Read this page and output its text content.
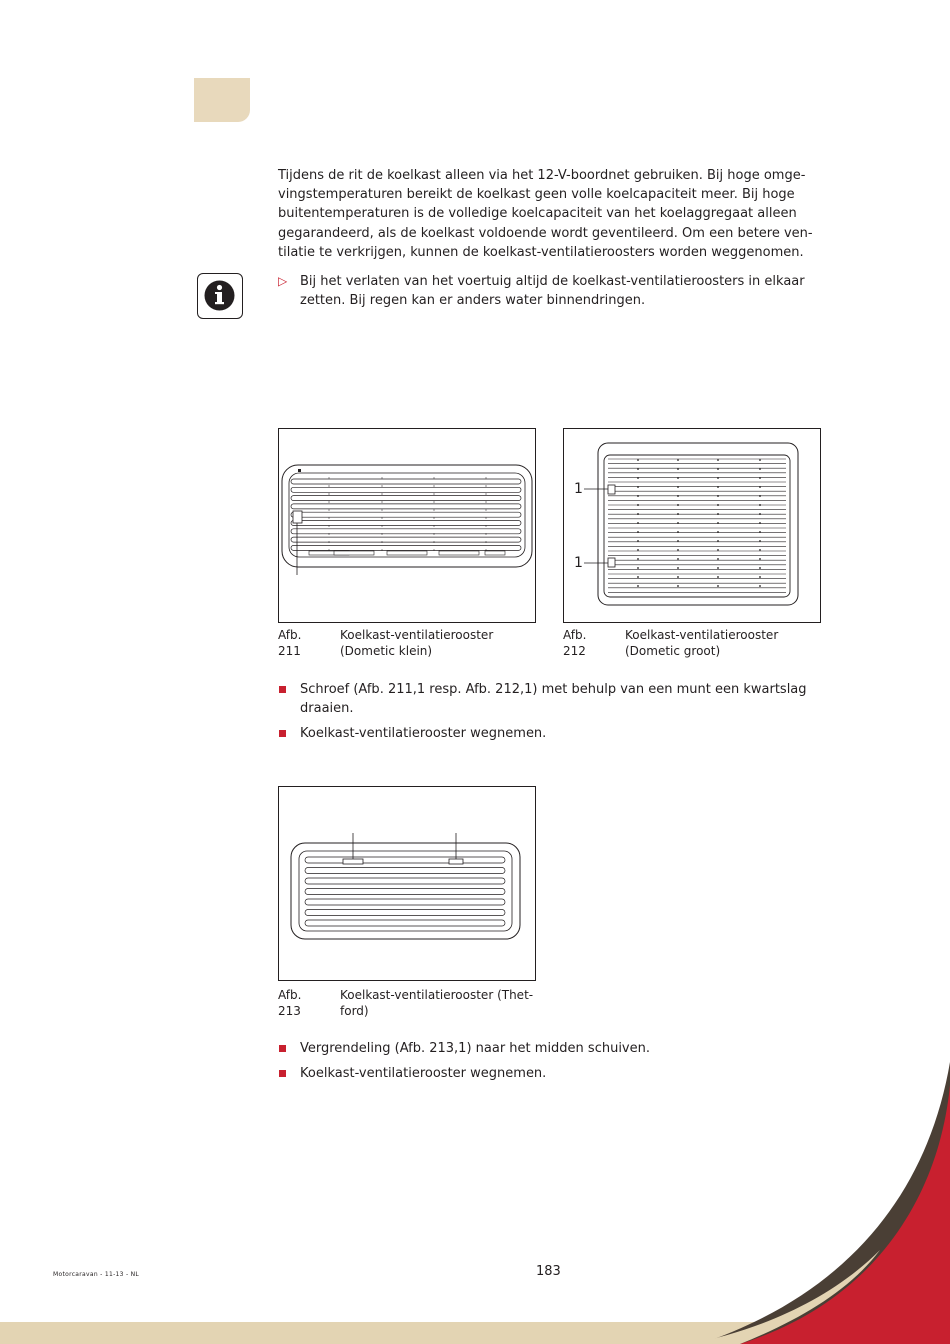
Tijdens de rit de koelkast alleen via het 12-V-boordnet gebruiken. Bij hoge omgevingstemperaturen bereikt de koelkast geen volle koelcapaciteit meer. Bij hoge buitentemperaturen is de volledige koelcapaciteit van het koelaggregaat alleen gegarandeerd, als de koelkast voldoende wordt geventileerd. Om een betere ventilatie te verkrijgen, kunnen de koelkast-ventilatieroosters worden weggenomen.

▷ Bij het verlaten van het voertuig altijd de koelkast-ventilatieroosters in elkaar zetten. Bij regen kan er anders water binnendringen.
Afb. 211
Koelkast-ventilatierooster (Dometic klein)
1
1
Afb. 212
Koelkast-ventilatierooster (Dometic groot)
Schroef (Afb. 211,1 resp. Afb. 212,1) met behulp van een munt een kwartslag draaien.
Koelkast-ventilatierooster wegnemen.
Afb. 213
Koelkast-ventilatierooster (Thetford)
Vergrendeling (Afb. 213,1) naar het midden schuiven.
Koelkast-ventilatierooster wegnemen.
Motorcaravan - 11-13 - NL	183
